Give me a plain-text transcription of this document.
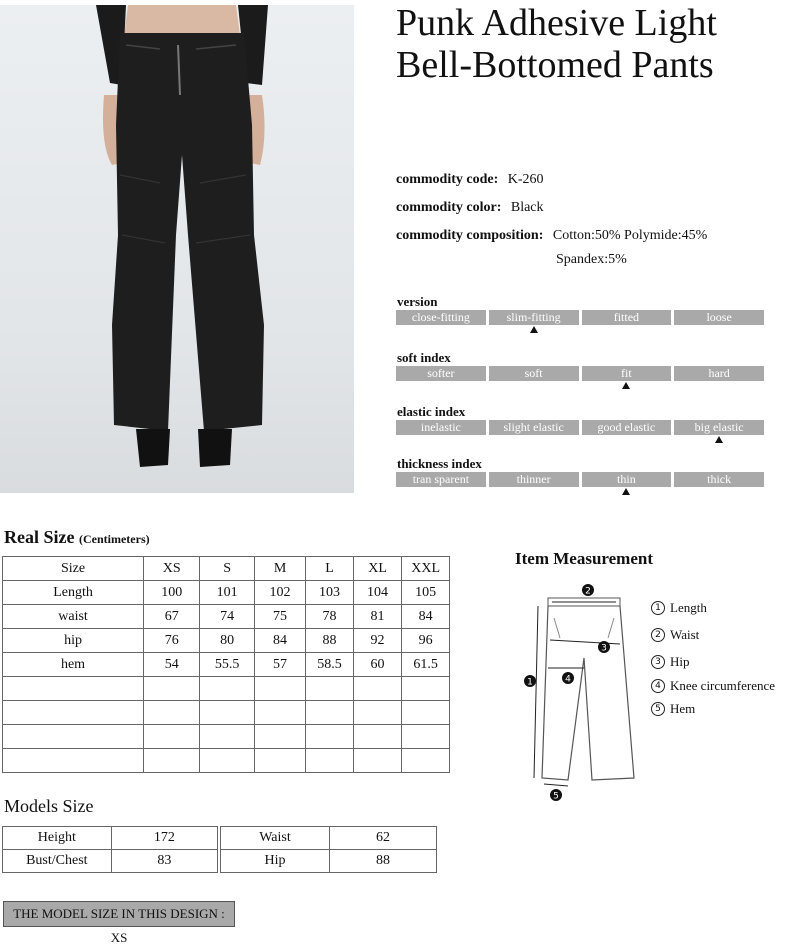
Punk Adhesive Light Bell-Bottomed Pants
commodity code: K-260
commodity color: Black
commodity composition: Cotton:50% Polymide:45%
Spandex:5%
version
close-fitting	slim-fitting	fitted	loose
soft index
softer	soft	fit	hard
elastic index
inelastic	slight elastic	good elastic	big elastic
thickness index
tran sparent	thinner	thin	thick
Real Size (Centimeters)
Size	XS	S	M	L	XL	XXL
Length	100	101	102	103	104	105
waist	67	74	75	78	81	84
hip	76	80	84	88	92	96
hem	54	55.5	57	58.5	60	61.5

Models Size
Height	172
Bust/Chest	83
Waist	62
Hip	88
THE MODEL SIZE IN THIS DESIGN : XS
Item Measurement
2
3
4
1
5
1 Length
2 Waist
3 Hip
4 Knee circumference
5 Hem
